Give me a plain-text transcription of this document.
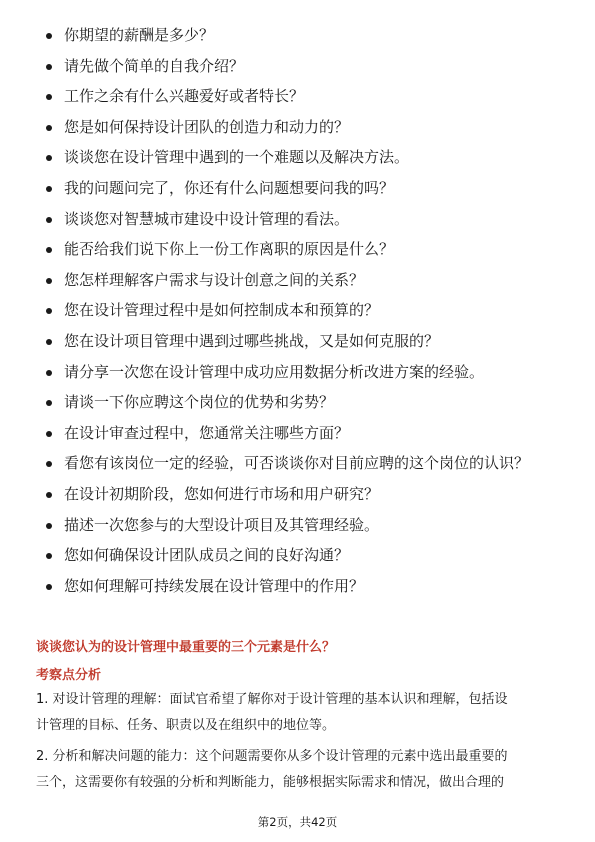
你期望的薪酬是多少？
请先做个简单的自我介绍？
工作之余有什么兴趣爱好或者特长？
您是如何保持设计团队的创造力和动力的？
谈谈您在设计管理中遇到的一个难题以及解决方法。
我的问题问完了，你还有什么问题想要问我的吗？
谈谈您对智慧城市建设中设计管理的看法。
能否给我们说下你上一份工作离职的原因是什么？
您怎样理解客户需求与设计创意之间的关系？
您在设计管理过程中是如何控制成本和预算的？
您在设计项目管理中遇到过哪些挑战，又是如何克服的？
请分享一次您在设计管理中成功应用数据分析改进方案的经验。
请谈一下你应聘这个岗位的优势和劣势？
在设计审查过程中，您通常关注哪些方面？
看您有该岗位一定的经验，可否谈谈你对目前应聘的这个岗位的认识？
在设计初期阶段，您如何进行市场和用户研究？
描述一次您参与的大型设计项目及其管理经验。
您如何确保设计团队成员之间的良好沟通？
您如何理解可持续发展在设计管理中的作用？
谈谈您认为的设计管理中最重要的三个元素是什么？
考察点分析
1. 对设计管理的理解：面试官希望了解你对于设计管理的基本认识和理解，包括设
计管理的目标、任务、职责以及在组织中的地位等。
2. 分析和解决问题的能力：这个问题需要你从多个设计管理的元素中选出最重要的
三个，这需要你有较强的分析和判断能力，能够根据实际需求和情况，做出合理的
第2页，共42页
